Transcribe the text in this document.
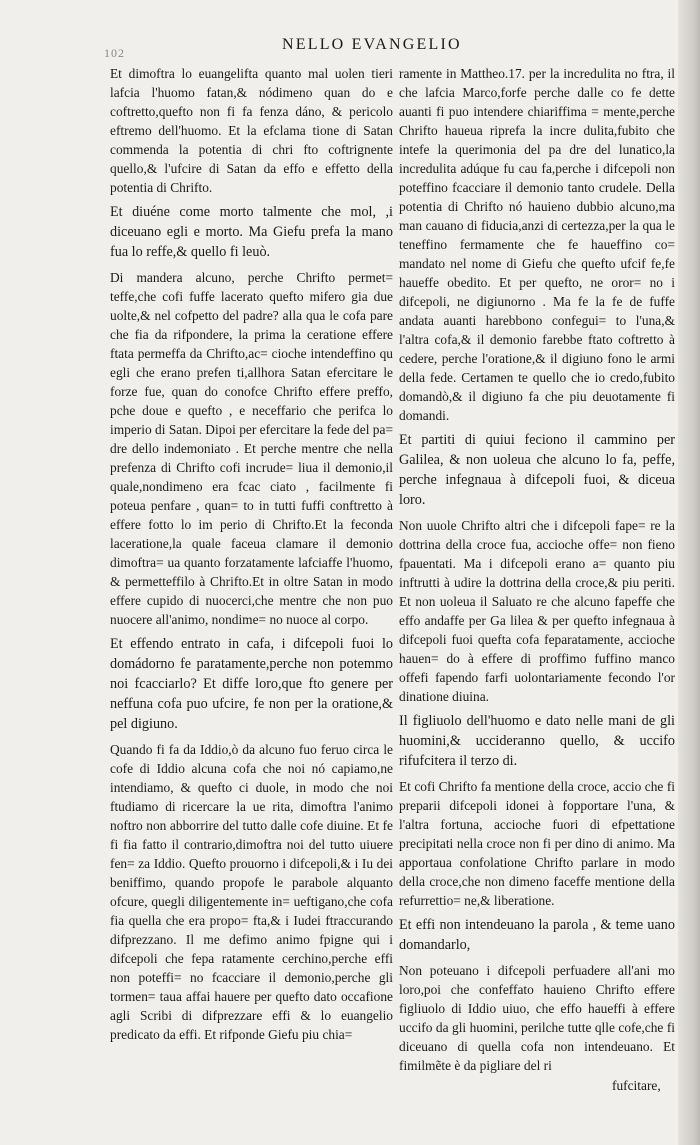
102	NELLO EVANGELIO

Et dimoftra lo euangelifta quanto mal uolen tieri lafcia l'huomo fatan,& nódimeno quan do e coftretto,quefto non fi fa fenza dáno, & pericolo eftremo dell'huomo. Et la efclama tione di Satan commenda la potentia di chri fto coftrignente quello,& l'ufcire di Satan da effo e effetto della potentia di Chrifto.

Et diuéne come morto talmente che mol, ,i diceuano egli e morto. Ma Giefu prefa la mano fua lo reffe,& quello fi leuò.

Di mandera alcuno, perche Chrifto permet= teffe,che cofi fuffe lacerato quefto mifero gia due uolte,& nel cofpetto del padre? alla qua le cofa pare che fia da rifpondere, la prima la ceratione effere ftata permeffa da Chrifto,ac= cioche intendeffino qu egli che erano prefen ti,allhora Satan efercitare le forze fue, quan do conofce Chrifto effere preffo, pche doue e quefto , e neceffario che perifca lo imperio di Satan. Dipoi per efercitare la fede del pa= dre dello indemoniato . Et perche mentre che nella prefenza di Chrifto cofi incrude= liua il demonio,il quale,nondimeno era fcac ciato , facilmente fi poteua penfare , quan= to in tutti fuffi conftretto à effere fotto lo im perio di Chrifto.Et la feconda laceratione,la quale faceua clamare il demonio dimoftra= ua quanto forzatamente lafciaffe l'huomo, & permetteffilo à Chrifto.Et in oltre Satan in modo effere cupido di nuocerci,che mentre che non puo nuocere all'animo, nondime= no nuoce al corpo.

Et effendo entrato in cafa, i difcepoli fuoi lo domádorno fe paratamente,perche non potemmo noi fcacciarlo? Et diffe loro,que fto genere per neffuna cofa puo ufcire, fe non per la oratione,& pel digiuno.

Quando fi fa da Iddio,ò da alcuno fuo feruo circa le cofe di Iddio alcuna cofa che noi nó capiamo,ne intendiamo, & quefto ci duole, in modo che noi ftudiamo di ricercare la ue rita, dimoftra l'animo noftro non abborrire del tutto dalle cofe diuine. Et fe fi fia fatto il contrario,dimoftra noi del tutto uiuere fen= za Iddio. Quefto prouorno i difcepoli,& i Iu dei beniffimo, quando propofe le parabole alquanto ofcure, quegli diligentemente in= ueftigano,che cofa fia quella che era propo= fta,& i Iudei ftraccurando difprezzano. Il me defimo animo fpigne qui i difcepoli che fepa ratamente cerchino,perche effi non poteffi= no fcacciare il demonio,perche gli tormen= taua affai hauere per quefto dato occafione agli Scribi di difprezzare effi & lo euangelio predicato da effi. Et rifponde Giefu piu chia=

ramente in Mattheo.17. per la incredulita no ftra, il che lafcia Marco,forfe perche dalle co fe dette auanti fi puo intendere chiariffima = mente,perche Chrifto haueua riprefa la incre dulita,fubito che intefe la querimonia del pa dre del lunatico,la incredulita adúque fu cau fa,perche i difcepoli non poteffino fcacciare il demonio tanto crudele. Della potentia di Chrifto nó hauieno dubbio alcuno,ma man cauano di fiducia,anzi di certezza,per la qua le teneffino fermamente che fe haueffino co= mandato nel nome di Giefu che quefto ufcif fe,fe haueffe obedito. Et per quefto, ne oror= no i difcepoli, ne digiunorno . Ma fe la fe de fuffe andata auanti harebbono confegui= to l'una,& l'altra cofa,& il demonio farebbe ftato coftretto à cedere, perche l'oratione,& il digiuno fono le armi della fede. Certamen te quello che io credo,fubito domandò,& il digiuno fa che piu deuotamente fi domandi.

Et partiti di quiui feciono il cammino per Galilea, & non uoleua che alcuno lo fa, peffe, perche infegnaua à difcepoli fuoi, & diceua loro.

Non uuole Chrifto altri che i difcepoli fape= re la dottrina della croce fua, accioche offe= non fieno fpauentati. Ma i difcepoli erano a= quanto piu inftrutti à udire la dottrina della croce,& piu periti. Et non uoleua il Saluato re che alcuno fapeffe che effo andaffe per Ga lilea & per quefto infegnaua à difcepoli fuoi quefta cofa feparatamente, accioche hauen= do à effere di proffimo fuffino manco offefi fapendo farfi uolontariamente fecondo l'or dinatione diuina.

Il figliuolo dell'huomo e dato nelle mani de gli huomini,& uccideranno quello, & uccifo rifufcitera il terzo di.

Et cofi Chrifto fa mentione della croce, accio che fi preparii difcepoli idonei à fopportare l'una, & l'altra fortuna, accioche fuori di efpettatione precipitati nella croce non fi per dino di animo. Ma apportaua confolatione Chrifto parlare in modo della croce,che non dimeno faceffe mentione della refurrettio= ne,& liberatione.

Et effi non intendeuano la parola , & teme uano domandarlo,

Non poteuano i difcepoli perfuadere all'ani mo loro,poi che confeffato hauieno Chrifto effere figliuolo di Iddio uiuo, che effo haueffi à effere uccifo da gli huomini, perilche tutte qlle cofe,che fi diceuano di quella cofa non intendeuano. Et fimilmẽte è da pigliare del ri

fufcitare,
